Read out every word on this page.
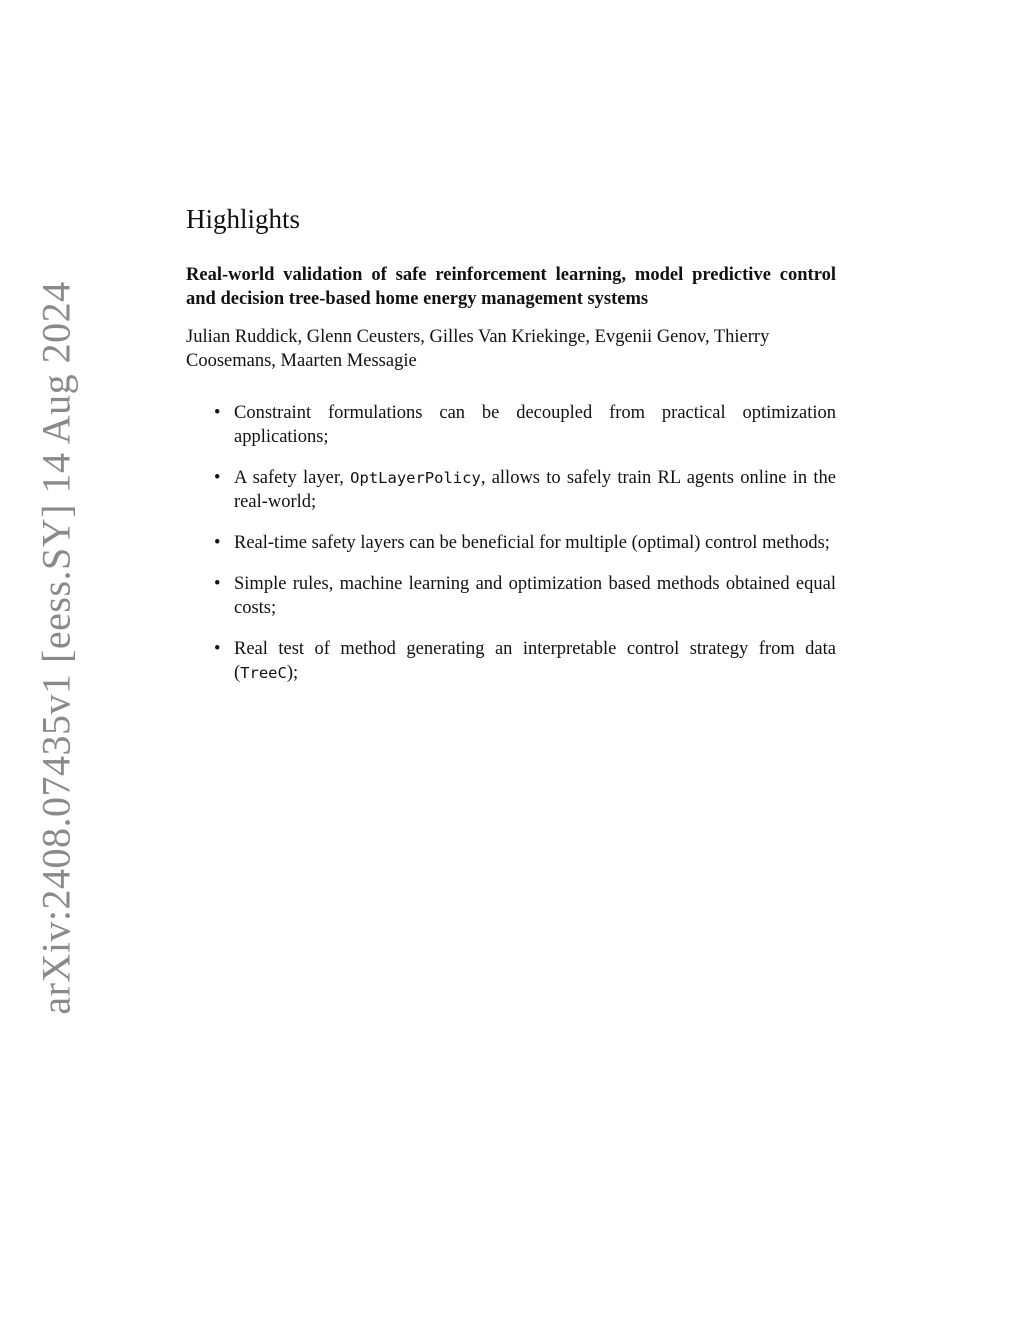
arXiv:2408.07435v1 [eess.SY] 14 Aug 2024
Highlights
Real-world validation of safe reinforcement learning, model predictive control and decision tree-based home energy management systems
Julian Ruddick, Glenn Ceusters, Gilles Van Kriekinge, Evgenii Genov, Thierry Coosemans, Maarten Messagie
• Constraint formulations can be decoupled from practical optimization applications;
• A safety layer, OptLayerPolicy, allows to safely train RL agents online in the real-world;
• Real-time safety layers can be beneficial for multiple (optimal) control methods;
• Simple rules, machine learning and optimization based methods obtained equal costs;
• Real test of method generating an interpretable control strategy from data (TreeC);
